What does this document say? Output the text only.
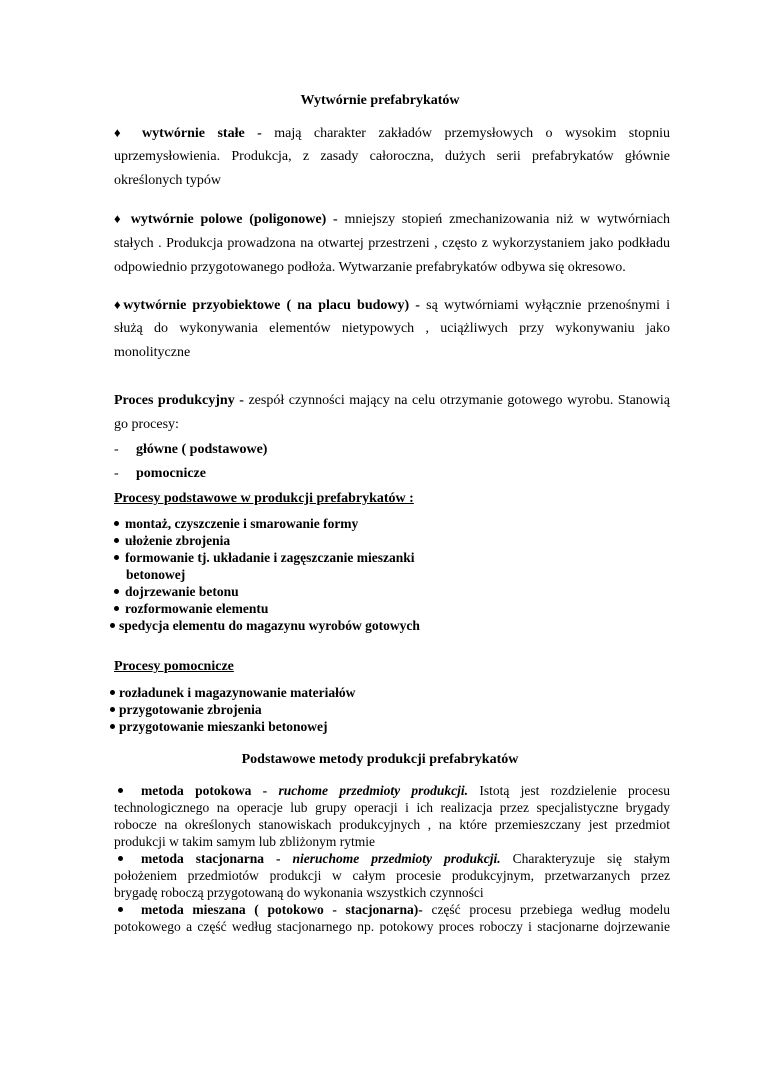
Wytwórnie prefabrykatów
♦ wytwórnie stałe - mają charakter zakładów przemysłowych o wysokim stopniu
uprzemysłowienia. Produkcja, z zasady całoroczna, dużych serii prefabrykatów głównie
określonych typów
♦ wytwórnie polowe (poligonowe) - mniejszy stopień zmechanizowania niż w wytwórniach
stałych . Produkcja prowadzona na otwartej przestrzeni , często z wykorzystaniem jako podkładu
odpowiednio przygotowanego podłoża. Wytwarzanie prefabrykatów odbywa się okresowo.
♦wytwórnie przyobiektowe ( na placu budowy) - są wytwórniami wyłącznie przenośnymi i
służą do wykonywania elementów nietypowych , uciążliwych przy wykonywaniu jako
monolityczne
Proces produkcyjny - zespół czynności mający na celu otrzymanie gotowego wyrobu. Stanowią
go procesy:
- główne ( podstawowe)
- pomocnicze
Procesy podstawowe w produkcji prefabrykatów :
montaż, czyszczenie i smarowanie formy
ułożenie zbrojenia
formowanie tj. układanie i zagęszczanie mieszanki
betonowej
dojrzewanie betonu
rozformowanie elementu
spedycja elementu do magazynu wyrobów gotowych
Procesy pomocnicze
rozładunek i magazynowanie materiałów
przygotowanie zbrojenia
przygotowanie mieszanki betonowej
Podstawowe metody produkcji prefabrykatów
metoda potokowa - ruchome przedmioty produkcji. Istotą jest rozdzielenie procesu
technologicznego na operacje lub grupy operacji i ich realizacja przez specjalistyczne brygady
robocze na określonych stanowiskach produkcyjnych , na które przemieszczany jest przedmiot
produkcji w takim samym lub zbliżonym rytmie
metoda stacjonarna - nieruchome przedmioty produkcji. Charakteryzuje się stałym
położeniem przedmiotów produkcji w całym procesie produkcyjnym, przetwarzanych przez
brygadę roboczą przygotowaną do wykonania wszystkich czynności
metoda mieszana ( potokowo - stacjonarna)- część procesu przebiega według modelu
potokowego a część według stacjonarnego np. potokowy proces roboczy i stacjonarne dojrzewanie
